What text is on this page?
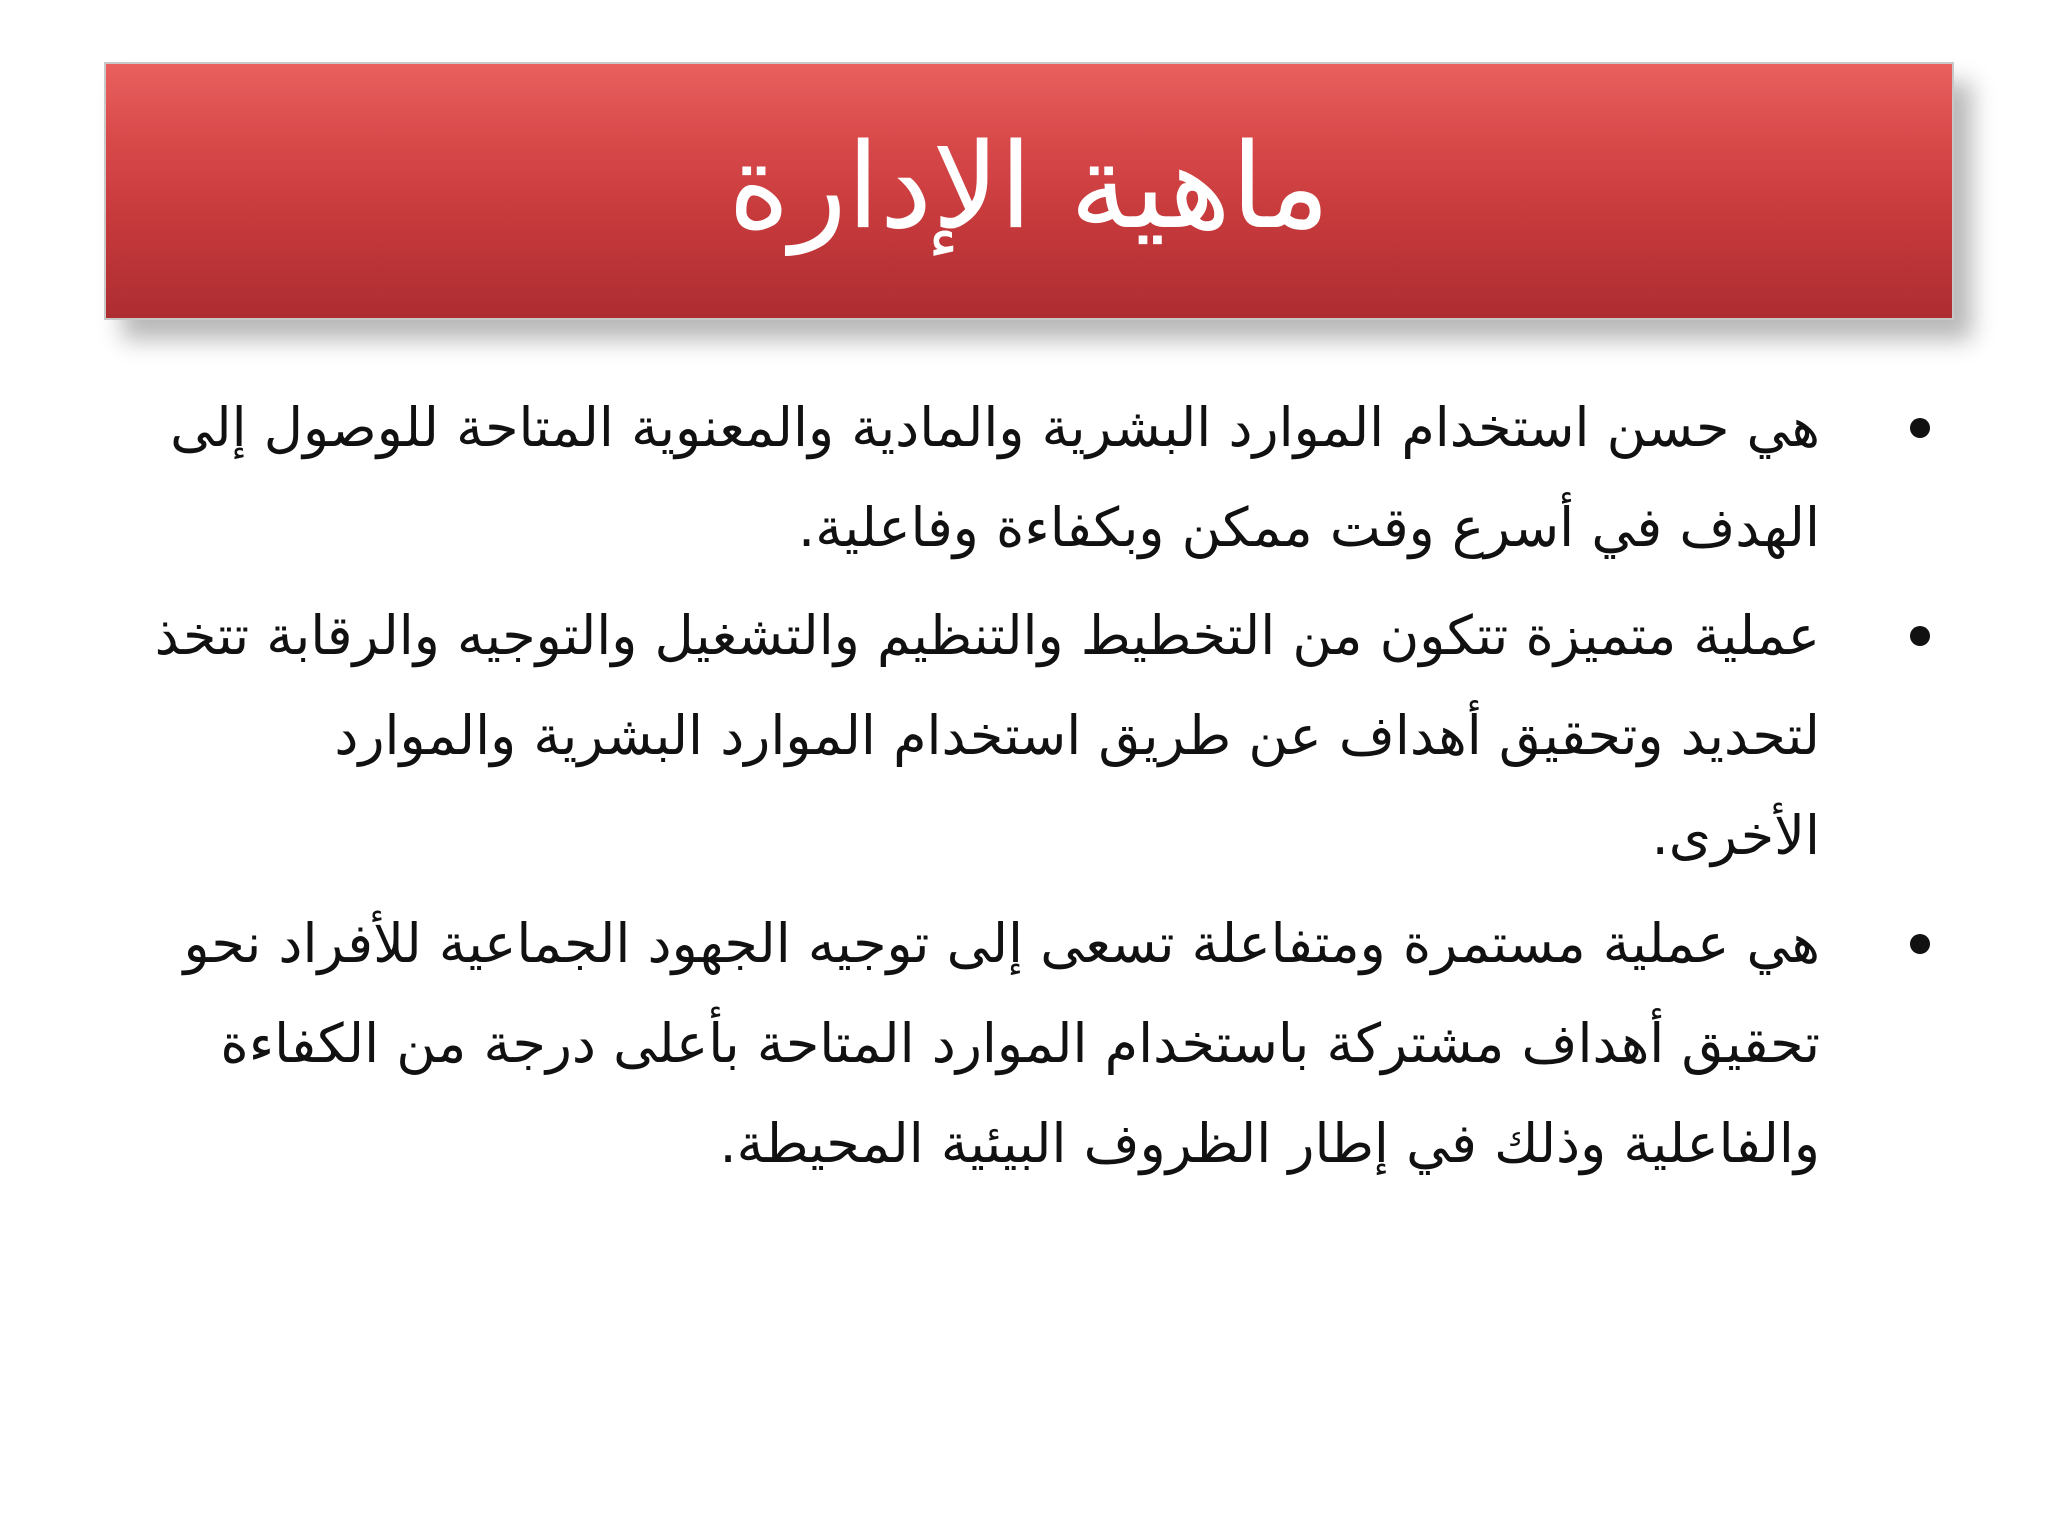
ماهية الإدارة
هي حسن استخدام الموارد البشرية والمادية والمعنوية المتاحة للوصول إلى الهدف في أسرع وقت ممكن وبكفاءة وفاعلية.
عملية متميزة تتكون من التخطيط والتنظيم والتشغيل والتوجيه والرقابة تتخذ لتحديد وتحقيق أهداف عن طريق استخدام الموارد البشرية والموارد الأخرى.
هي عملية مستمرة ومتفاعلة تسعى إلى توجيه الجهود الجماعية للأفراد نحو تحقيق أهداف مشتركة باستخدام الموارد المتاحة بأعلى درجة من الكفاءة والفاعلية وذلك في إطار الظروف البيئية المحيطة.
